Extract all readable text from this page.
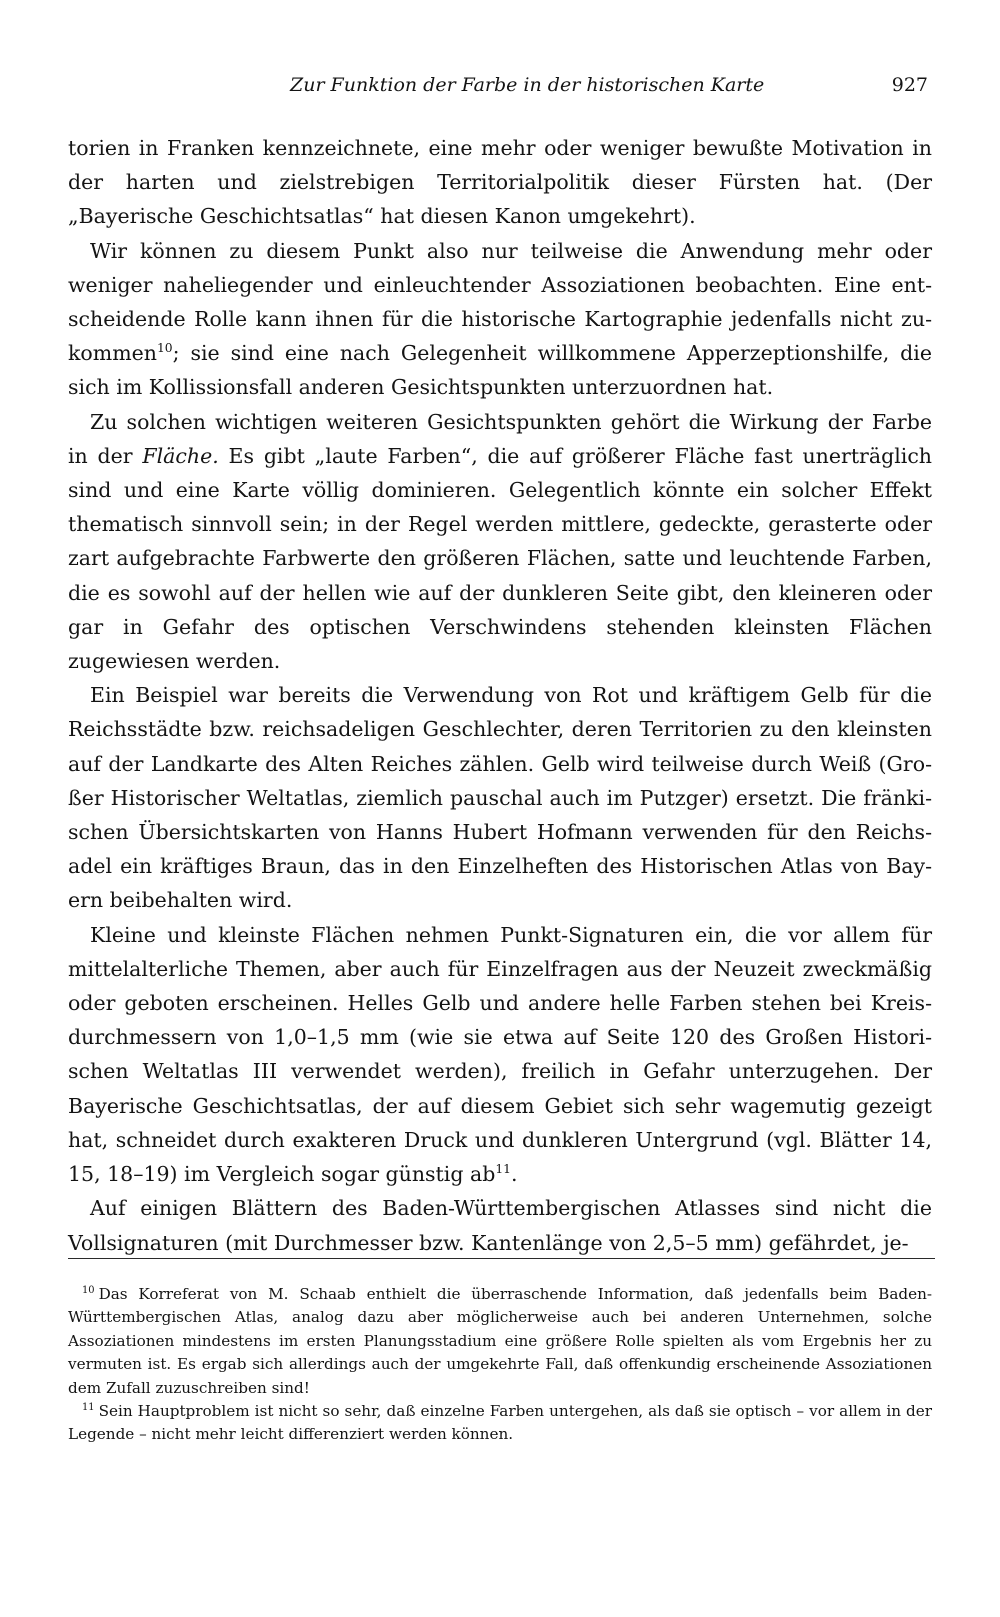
Zur Funktion der Farbe in der historischen Karte	927

torien in Franken kennzeichnete, eine mehr oder weniger bewußte Motivation in der harten und zielstrebigen Territorialpolitik dieser Fürsten hat. (Der „Bayerische Geschichtsatlas“ hat diesen Kanon umgekehrt).

Wir können zu diesem Punkt also nur teilweise die Anwendung mehr oder weniger naheliegender und einleuchtender Assoziationen beobachten. Eine entscheidende Rolle kann ihnen für die historische Kartographie jedenfalls nicht zukommen$^{10}$; sie sind eine nach Gelegenheit willkommene Apperzeptionshilfe, die sich im Kollissionsfall anderen Gesichtspunkten unterzuordnen hat.

Zu solchen wichtigen weiteren Gesichtspunkten gehört die Wirkung der Farbe in der Fläche. Es gibt „laute Farben“, die auf größerer Fläche fast unerträglich sind und eine Karte völlig dominieren. Gelegentlich könnte ein solcher Effekt thematisch sinnvoll sein; in der Regel werden mittlere, gedeckte, gerasterte oder zart aufgebrachte Farbwerte den größeren Flächen, satte und leuchtende Farben, die es sowohl auf der hellen wie auf der dunkleren Seite gibt, den kleineren oder gar in Gefahr des optischen Verschwindens stehenden kleinsten Flächen zugewiesen werden.

Ein Beispiel war bereits die Verwendung von Rot und kräftigem Gelb für die Reichsstädte bzw. reichsadeligen Geschlechter, deren Territorien zu den kleinsten auf der Landkarte des Alten Reiches zählen. Gelb wird teilweise durch Weiß (Großer Historischer Weltatlas, ziemlich pauschal auch im Putzger) ersetzt. Die fränkischen Übersichtskarten von Hanns Hubert Hofmann verwenden für den Reichsadel ein kräftiges Braun, das in den Einzelheften des Historischen Atlas von Bayern beibehalten wird.

Kleine und kleinste Flächen nehmen Punkt-Signaturen ein, die vor allem für mittelalterliche Themen, aber auch für Einzelfragen aus der Neuzeit zweckmäßig oder geboten erscheinen. Helles Gelb und andere helle Farben stehen bei Kreisdurchmessern von 1,0–1,5 mm (wie sie etwa auf Seite 120 des Großen Historischen Weltatlas III verwendet werden), freilich in Gefahr unterzugehen. Der Bayerische Geschichtsatlas, der auf diesem Gebiet sich sehr wagemutig gezeigt hat, schneidet durch exakteren Druck und dunkleren Untergrund (vgl. Blätter 14, 15, 18–19) im Vergleich sogar günstig $ab^{11}$.

Auf einigen Blättern des Baden-Württembergischen Atlasses sind nicht die Vollsignaturen (mit Durchmesser bzw. Kantenlänge von 2,5–5 mm) gefährdet, je-

$^{10}$ Das Korreferat von M. Schaab enthielt die überraschende Information, daß jedenfalls beim Baden-Württembergischen Atlas, analog dazu aber möglicherweise auch bei anderen Unternehmen, solche Assoziationen mindestens im ersten Planungsstadium eine größere Rolle spielten als vom Ergebnis her zu vermuten ist. Es ergab sich allerdings auch der umgekehrte Fall, daß offenkundig erscheinende Assoziationen dem Zufall zuzuschreiben sind!

$^{11}$ Sein Hauptproblem ist nicht so sehr, daß einzelne Farben untergehen, als daß sie optisch – vor allem in der Legende – nicht mehr leicht differenziert werden können.
